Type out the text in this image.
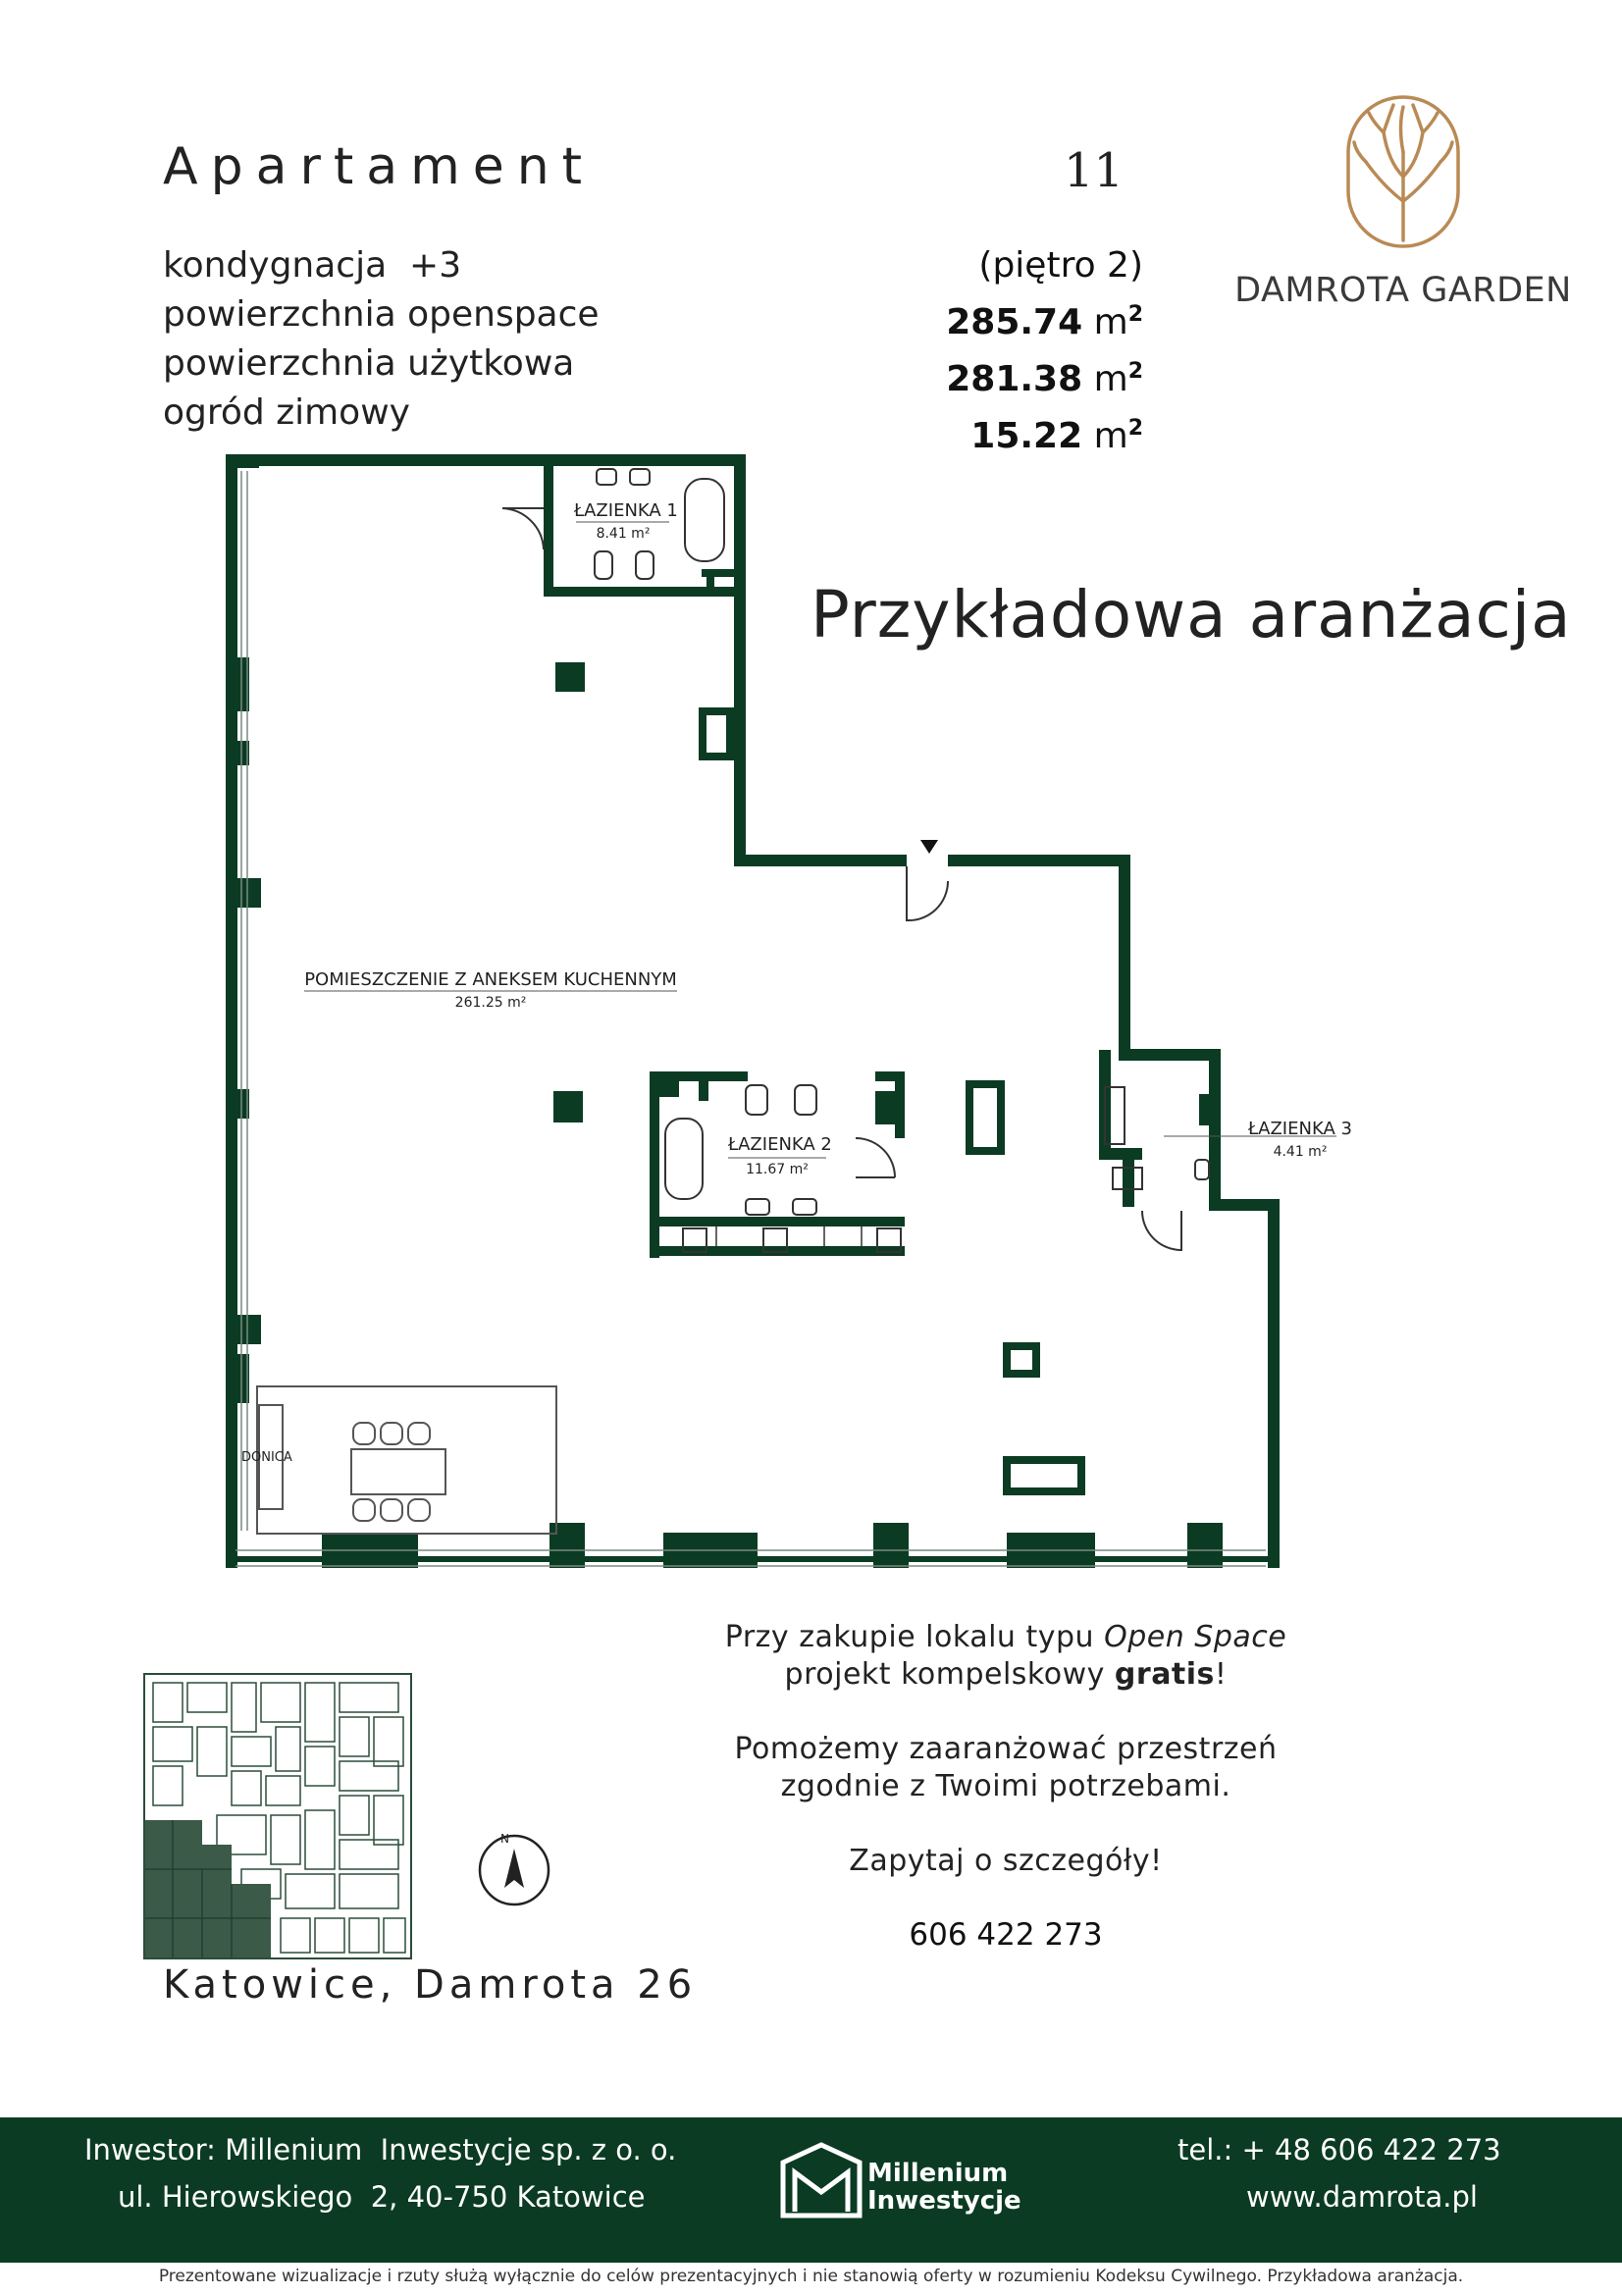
Apartament	11
kondygnacja  +3
powierzchnia openspace
powierzchnia użytkowa
ogród zimowy
(piętro 2)
285.74 $m^2$
281.38 $m^2$
15.22 $m^2$
DAMROTA GARDEN
Przykładowa aranżacja
ŁAZIENKA 1
8.41 m²
POMIESZCZENIE Z ANEKSEM KUCHENNYM
261.25 m²
ŁAZIENKA 2
11.67 m²
ŁAZIENKA 3
4.41 m²
DONICA

Przy zakupie lokalu typu Open Space

projekt kompelskowy gratis!

Pomożemy zaaranżować przestrzeń

zgodnie z Twoimi potrzebami.

Zapytaj o szczegóły!

606 422 273
N
Katowice, Damrota 26
Inwestor: Millenium  Inwestycje sp. z o. o.
ul. Hierowskiego  2, 40-750 Katowice
Millenium
Inwestycje
tel.: + 48 606 422 273
www.damrota.pl
Prezentowane wizualizacje i rzuty służą wyłącznie do celów prezentacyjnych i nie stanowią oferty w rozumieniu Kodeksu Cywilnego. Przykładowa aranżacja.
